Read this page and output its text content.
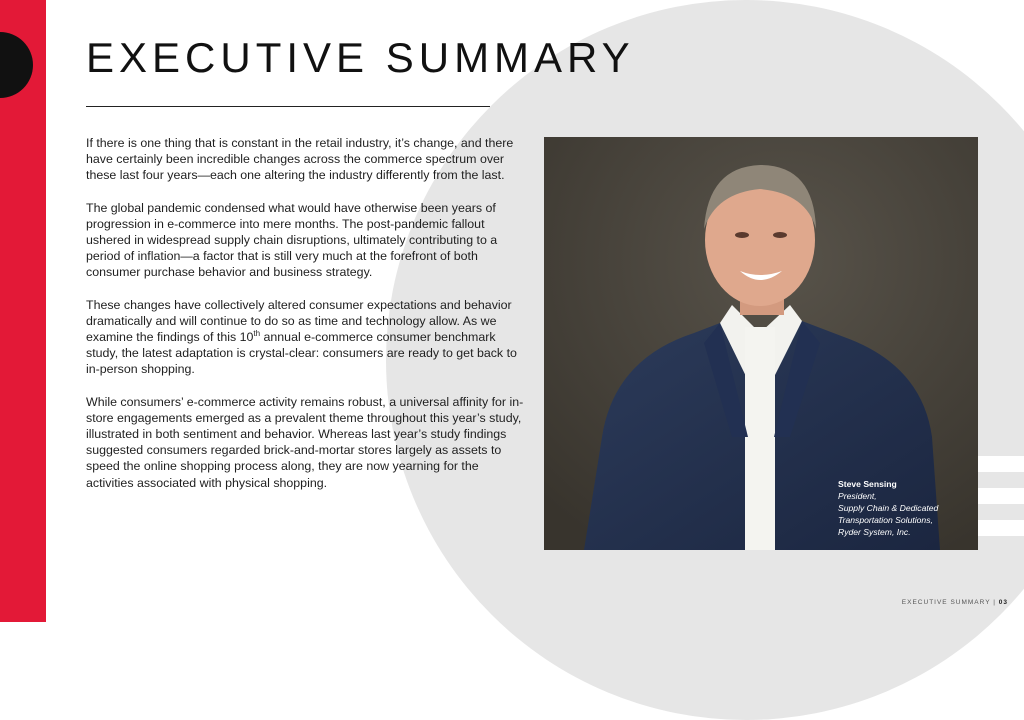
EXECUTIVE SUMMARY

If there is one thing that is constant in the retail industry, it’s change, and there have certainly been incredible changes across the commerce spectrum over these last four years—each one altering the industry differently from the last.

The global pandemic condensed what would have otherwise been years of progression in e-commerce into mere months. The post-pandemic fallout ushered in widespread supply chain disruptions, ultimately contributing to a period of inflation—a factor that is still very much at the forefront of both consumer purchase behavior and business strategy.

These changes have collectively altered consumer expectations and behavior dramatically and will continue to do so as time and technology allow. As we examine the findings of this 10th annual e-commerce consumer benchmark study, the latest adaptation is crystal-clear: consumers are ready to get back to in-person shopping.

While consumers’ e-commerce activity remains robust, a universal affinity for in-store engagements emerged as a prevalent theme throughout this year’s study, illustrated in both sentiment and behavior. Whereas last year’s study findings suggested consumers regarded brick-and-mortar stores largely as assets to speed the online shopping process along, they are now yearning for the activities associated with physical shopping.	Steve Sensing
President,
Supply Chain & Dedicated
Transportation Solutions,
Ryder System, Inc.
EXECUTIVE SUMMARY | 03
